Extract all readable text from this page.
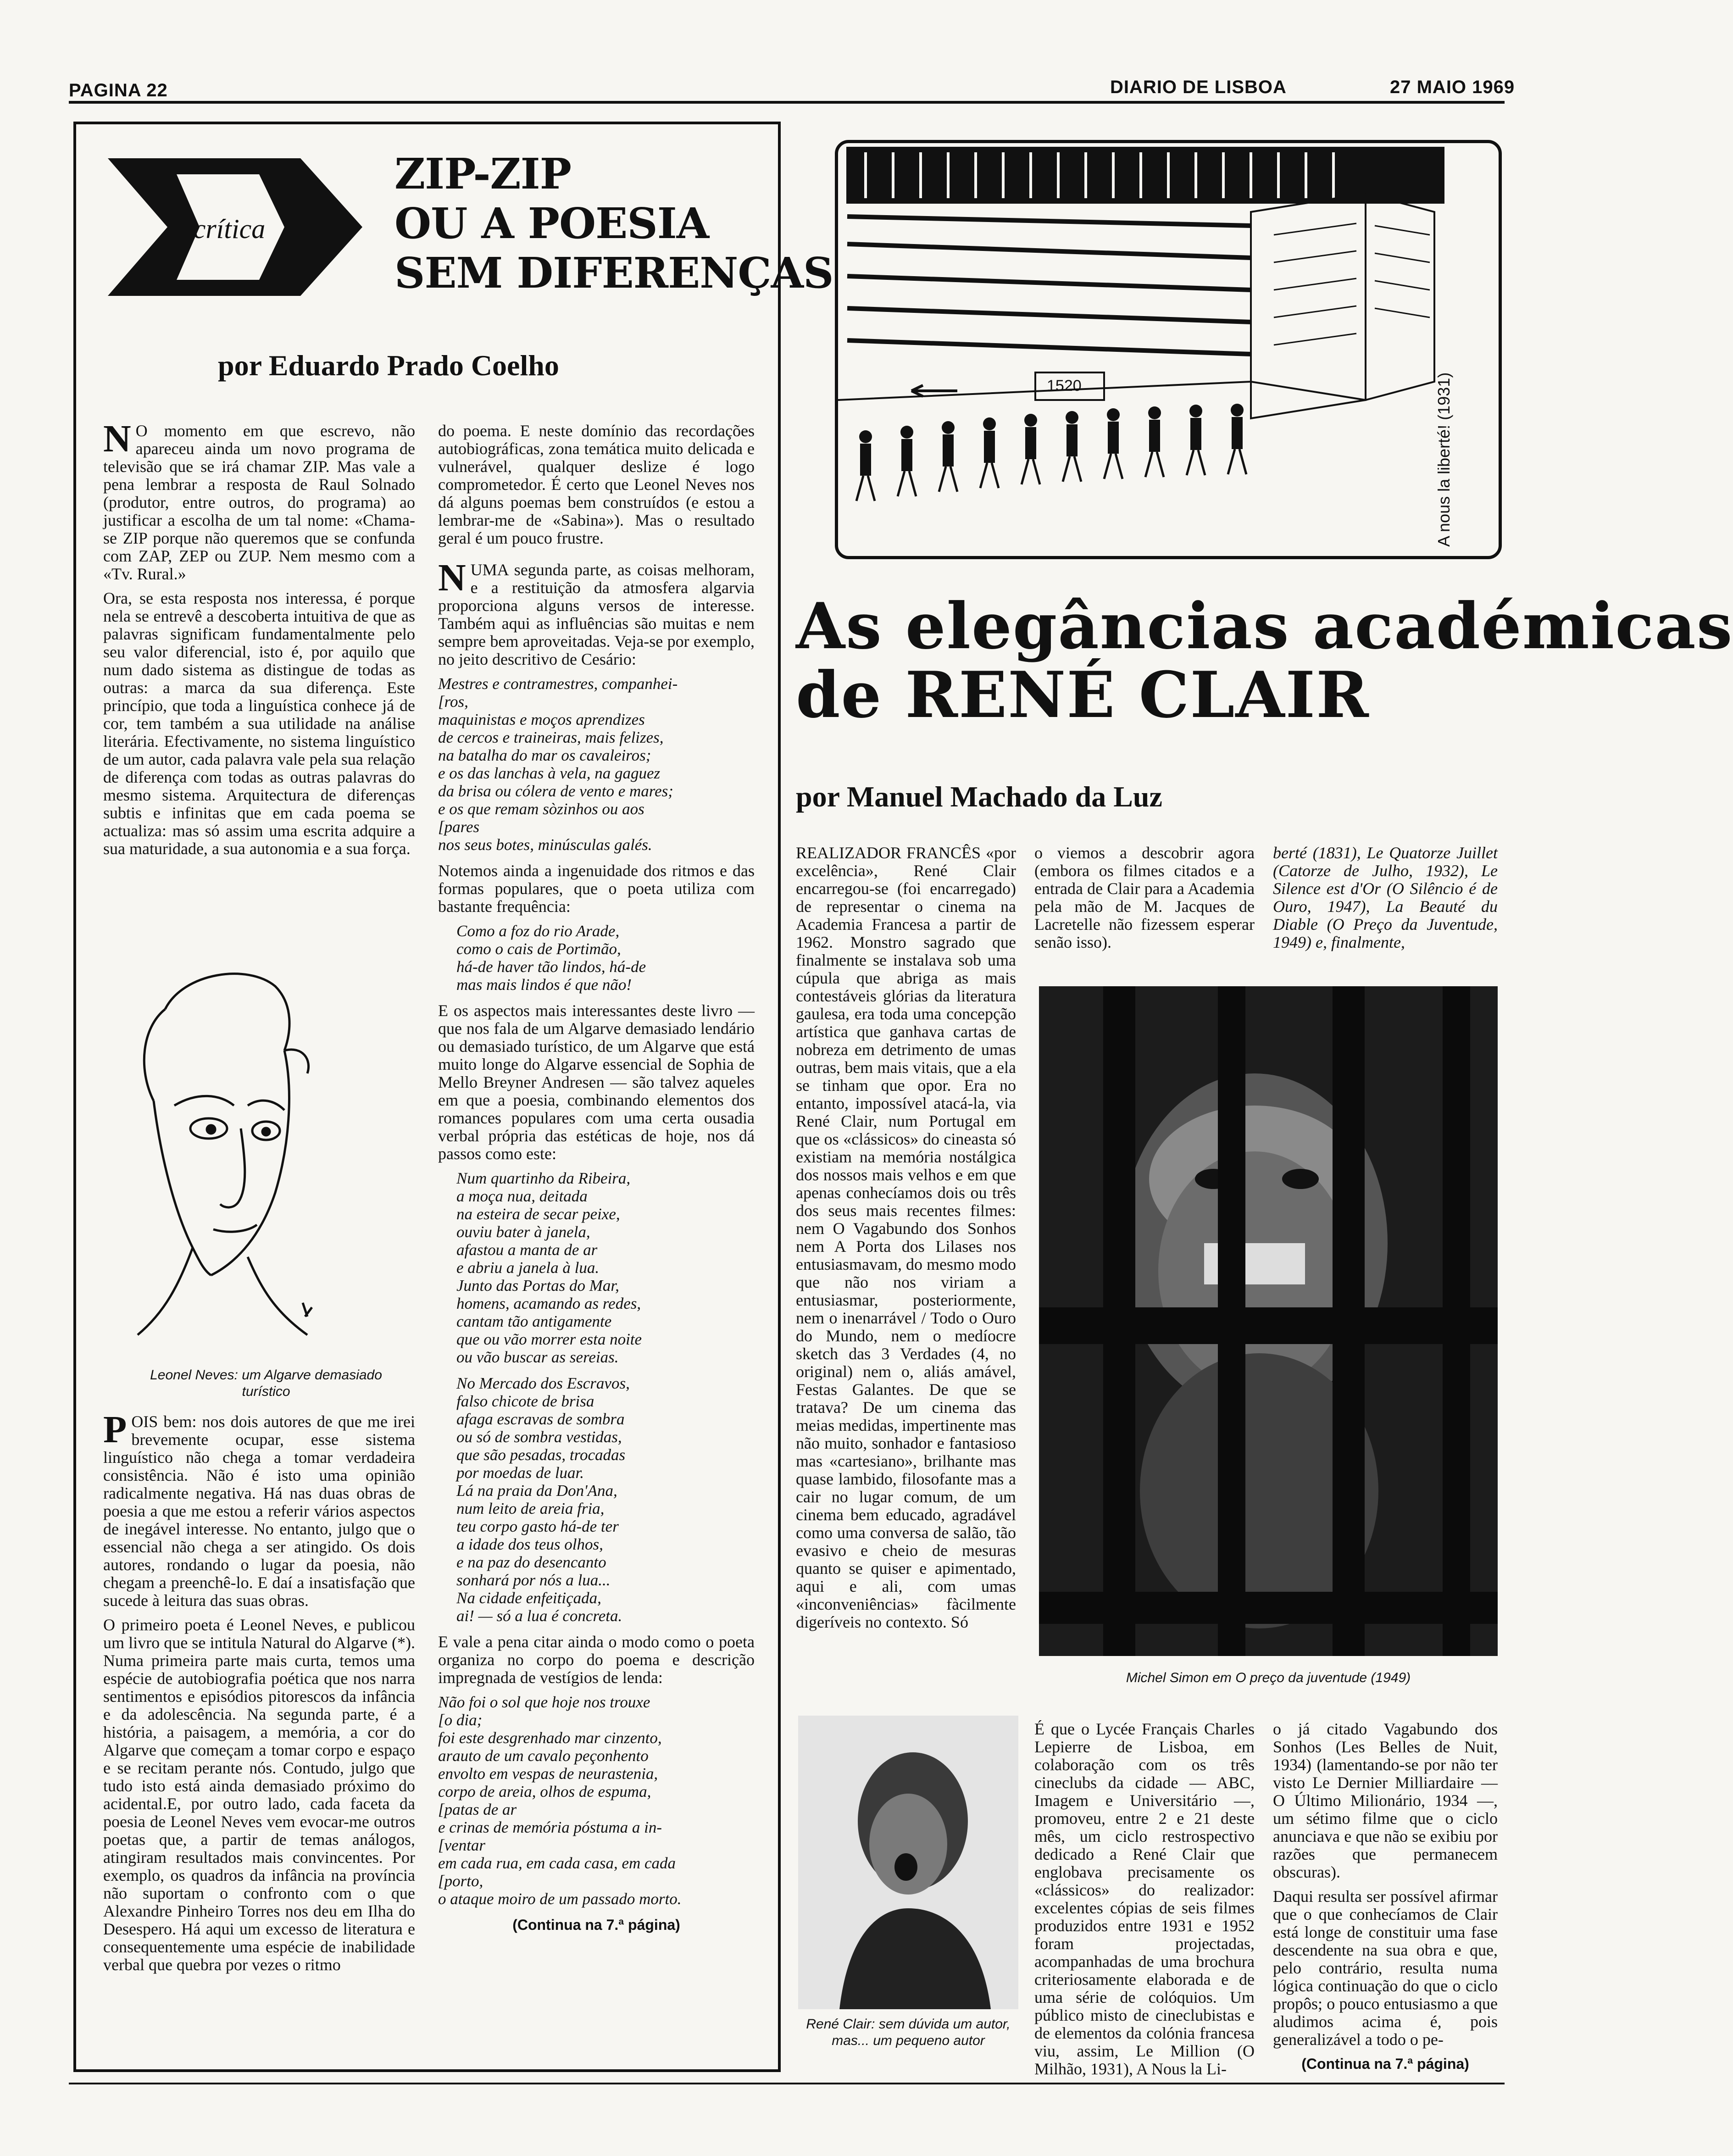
PAGINA 22	DIARIO DE LISBOA	27 MAIO 1969
crítica
ZIP-ZIP
OU A POESIA
SEM DIFERENÇAS
por Eduardo Prado Coelho

N O momento em que escrevo, não apareceu ainda um novo programa de televisão que se irá chamar ZIP. Mas vale a pena lembrar a resposta de Raul Solnado (produtor, entre outros, do programa) ao justificar a escolha de um tal nome: «Chama-se ZIP porque não queremos que se confunda com ZAP, ZEP ou ZUP. Nem mesmo com a «Tv. Rural.»

Ora, se esta resposta nos interessa, é porque nela se entrevê a descoberta intuitiva de que as palavras significam fundamentalmente pelo seu valor diferencial, isto é, por aquilo que num dado sistema as distingue de todas as outras: a marca da sua diferença. Este princípio, que toda a linguística conhece já de cor, tem também a sua utilidade na análise literária. Efectivamente, no sistema linguístico de um autor, cada palavra vale pela sua relação de diferença com todas as outras palavras do mesmo sistema. Arquitectura de diferenças subtis e infinitas que em cada poema se actualiza: mas só assim uma escrita adquire a sua maturidade, a sua autonomia e a sua força.

Leonel Neves: um Algarve demasiado turístico

POIS bem: nos dois autores de que me irei brevemente ocupar, esse sistema linguístico não chega a tomar verdadeira consistência. Não é isto uma opinião radicalmente negativa. Há nas duas obras de poesia a que me estou a referir vários aspectos de inegável interesse. No entanto, julgo que o essencial não chega a ser atingido. Os dois autores, rondando o lugar da poesia, não chegam a preenchê-lo. E daí a insatisfação que sucede à leitura das suas obras.

O primeiro poeta é Leonel Neves, e publicou um livro que se intitula Natural do Algarve (*). Numa primeira parte mais curta, temos uma espécie de autobiografia poética que nos narra sentimentos e episódios pitorescos da infância e da adolescência. Na segunda parte, é a história, a paisagem, a memória, a cor do Algarve que começam a tomar corpo e espaço e se recitam perante nós. Contudo, julgo que tudo isto está ainda demasiado próximo do acidental.E, por outro lado, cada faceta da poesia de Leonel Neves vem evocar-me outros poetas que, a partir de temas análogos, atingiram resultados mais convincentes. Por exemplo, os quadros da infância na província não suportam o confronto com o que Alexandre Pinheiro Torres nos deu em Ilha do Desespero. Há aqui um excesso de literatura e consequentemente uma espécie de inabilidade verbal que quebra por vezes o ritmo

do poema. E neste domínio das recordações autobiográficas, zona temática muito delicada e vulnerável, qualquer deslize é logo comprometedor. É certo que Leonel Neves nos dá alguns poemas bem construídos (e estou a lembrar-me de «Sabina»). Mas o resultado geral é um pouco frustre.

NUMA segunda parte, as coisas melhoram, e a restituição da atmosfera algarvia proporciona alguns versos de interesse. Também aqui as influências são muitas e nem sempre bem aproveitadas. Veja-se por exemplo, no jeito descritivo de Cesário:

Mestres e contramestres, companhei-
[ros,
maquinistas e moços aprendizes
de cercos e traineiras, mais felizes,
na batalha do mar os cavaleiros;
e os das lanchas à vela, na gaguez
da brisa ou cólera de vento e mares;
e os que remam sòzinhos ou aos
[pares
nos seus botes, minúsculas galés.

Notemos ainda a ingenuidade dos ritmos e das formas populares, que o poeta utiliza com bastante frequência:

Como a foz do rio Arade,
como o cais de Portimão,
há-de haver tão lindos, há-de
mas mais lindos é que não!

E os aspectos mais interessantes deste livro — que nos fala de um Algarve demasiado lendário ou demasiado turístico, de um Algarve que está muito longe do Algarve essencial de Sophia de Mello Breyner Andresen — são talvez aqueles em que a poesia, combinando elementos dos romances populares com uma certa ousadia verbal própria das estéticas de hoje, nos dá passos como este:

Num quartinho da Ribeira,
a moça nua, deitada
na esteira de secar peixe,
ouviu bater à janela,
afastou a manta de ar
e abriu a janela à lua.
Junto das Portas do Mar,
homens, acamando as redes,
cantam tão antigamente
que ou vão morrer esta noite
ou vão buscar as sereias.
No Mercado dos Escravos,
falso chicote de brisa
afaga escravas de sombra
ou só de sombra vestidas,
que são pesadas, trocadas
por moedas de luar.
Lá na praia da Don'Ana,
num leito de areia fria,
teu corpo gasto há-de ter
a idade dos teus olhos,
e na paz do desencanto
sonhará por nós a lua...
Na cidade enfeitiçada,
ai! — só a lua é concreta.

E vale a pena citar ainda o modo como o poeta organiza no corpo do poema e descrição impregnada de vestígios de lenda:

Não foi o sol que hoje nos trouxe
[o dia;
foi este desgrenhado mar cinzento,
arauto de um cavalo peçonhento
envolto em vespas de neurastenia,
corpo de areia, olhos de espuma,
[patas de ar
e crinas de memória póstuma a in-
[ventar
em cada rua, em cada casa, em cada
[porto,
o ataque moiro de um passado morto.
(Continua na 7.ª página)
1520	A nous la liberté! (1931)
As elegâncias académicas
de RENÉ CLAIR
por Manuel Machado da Luz

REALIZADOR FRANCÊS «por excelência», René Clair encarregou-se (foi encarregado) de representar o cinema na Academia Francesa a partir de 1962. Monstro sagrado que finalmente se instalava sob uma cúpula que abriga as mais contestáveis glórias da literatura gaulesa, era toda uma concepção artística que ganhava cartas de nobreza em detrimento de umas outras, bem mais vitais, que a ela se tinham que opor. Era no entanto, impossível atacá-la, via René Clair, num Portugal em que os «clássicos» do cineasta só existiam na memória nostálgica dos nossos mais velhos e em que apenas conhecíamos dois ou três dos seus mais recentes filmes: nem O Vagabundo dos Sonhos nem A Porta dos Lilases nos entusiasmavam, do mesmo modo que não nos viriam a entusiasmar, posteriormente, nem o inenarrável / Todo o Ouro do Mundo, nem o medíocre sketch das 3 Verdades (4, no original) nem o, aliás amável, Festas Galantes. De que se tratava? De um cinema das meias medidas, impertinente mas não muito, sonhador e fantasioso mas «cartesiano», brilhante mas quase lambido, filosofante mas a cair no lugar comum, de um cinema bem educado, agradável como uma conversa de salão, tão evasivo e cheio de mesuras quanto se quiser e apimentado, aqui e ali, com umas «inconveniências» fàcilmente digeríveis no contexto. Só

o viemos a descobrir agora (embora os filmes citados e a entrada de Clair para a Academia pela mão de M. Jacques de Lacretelle não fizessem esperar senão isso).

berté (1831), Le Quatorze Juillet (Catorze de Julho, 1932), Le Silence est d'Or (O Silêncio é de Ouro, 1947), La Beauté du Diable (O Preço da Juventude, 1949) e, finalmente,

Michel Simon em O preço da juventude (1949)
René Clair: sem dúvida um autor, mas... um pequeno autor

É que o Lycée Français Charles Lepierre de Lisboa, em colaboração com os três cineclubs da cidade — ABC, Imagem e Universitário —, promoveu, entre 2 e 21 deste mês, um ciclo restrospectivo dedicado a René Clair que englobava precisamente os «clássicos» do realizador: excelentes cópias de seis filmes produzidos entre 1931 e 1952 foram projectadas, acompanhadas de uma brochura criteriosamente elaborada e de uma série de colóquios. Um público misto de cineclubistas e de elementos da colónia francesa viu, assim, Le Million (O Milhão, 1931), A Nous la Li-

o já citado Vagabundo dos Sonhos (Les Belles de Nuit, 1934) (lamentando-se por não ter visto Le Dernier Milliardaire — O Último Milionário, 1934 —, um sétimo filme que o ciclo anunciava e que não se exibiu por razões que permanecem obscuras).

Daqui resulta ser possível afirmar que o que conhecíamos de Clair está longe de constituir uma fase descendente na sua obra e que, pelo contrário, resulta numa lógica continuação do que o ciclo propôs; o pouco entusiasmo a que aludimos acima é, pois generalizável a todo o pe-

(Continua na 7.ª página)
